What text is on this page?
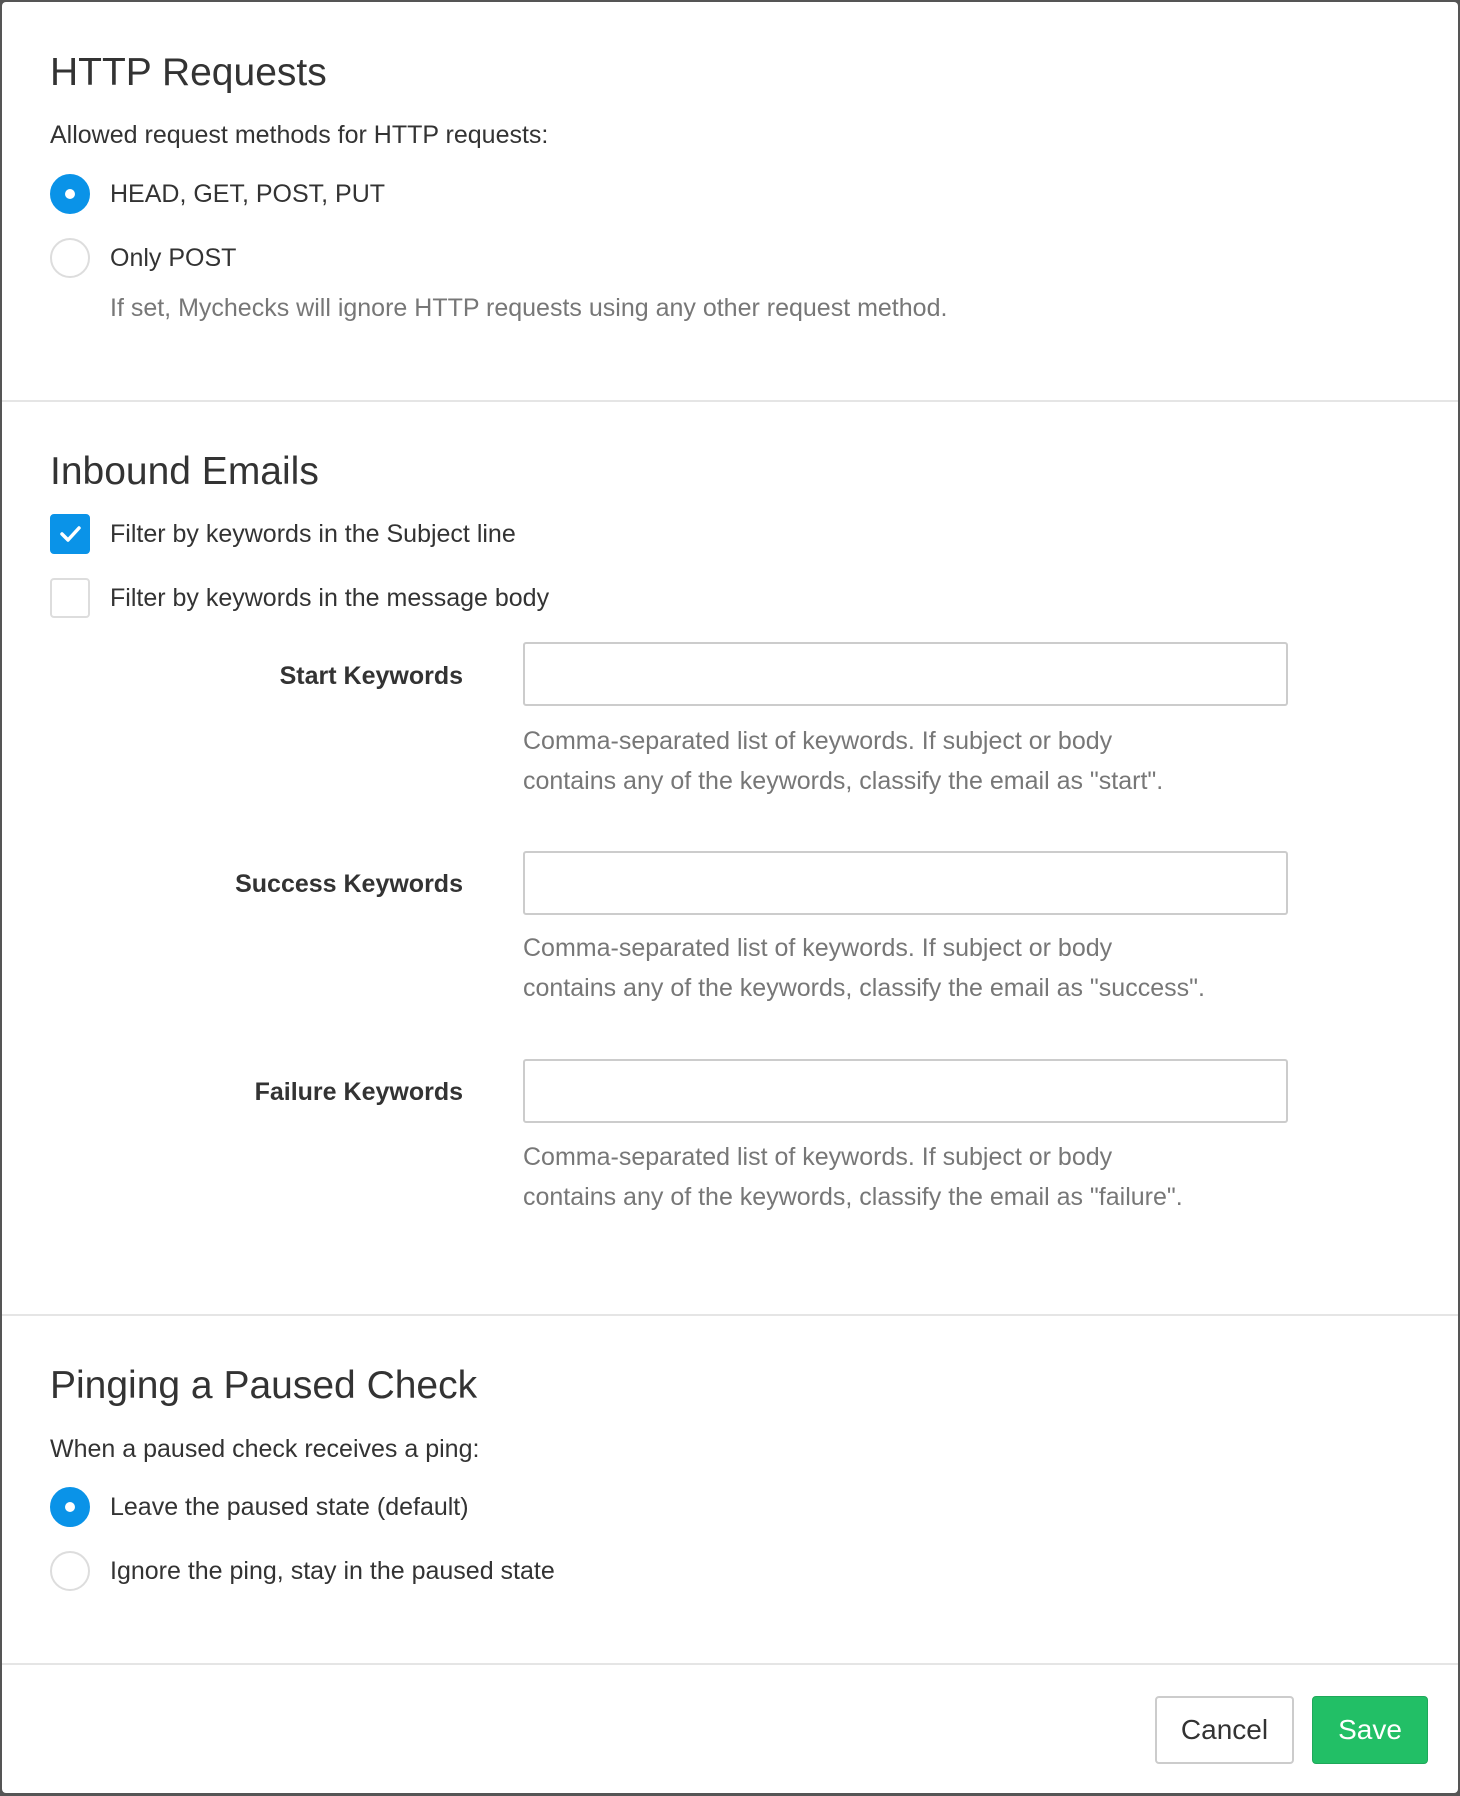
HTTP Requests
Allowed request methods for HTTP requests:
HEAD, GET, POST, PUT
Only POST
If set, Mychecks will ignore HTTP requests using any other request method.
Inbound Emails
Filter by keywords in the Subject line
Filter by keywords in the message body
Start Keywords
Comma-separated list of keywords. If subject or body
contains any of the keywords, classify the email as "start".
Success Keywords
Comma-separated list of keywords. If subject or body
contains any of the keywords, classify the email as "success".
Failure Keywords
Comma-separated list of keywords. If subject or body
contains any of the keywords, classify the email as "failure".
Pinging a Paused Check
When a paused check receives a ping:
Leave the paused state (default)
Ignore the ping, stay in the paused state
Cancel	Save
